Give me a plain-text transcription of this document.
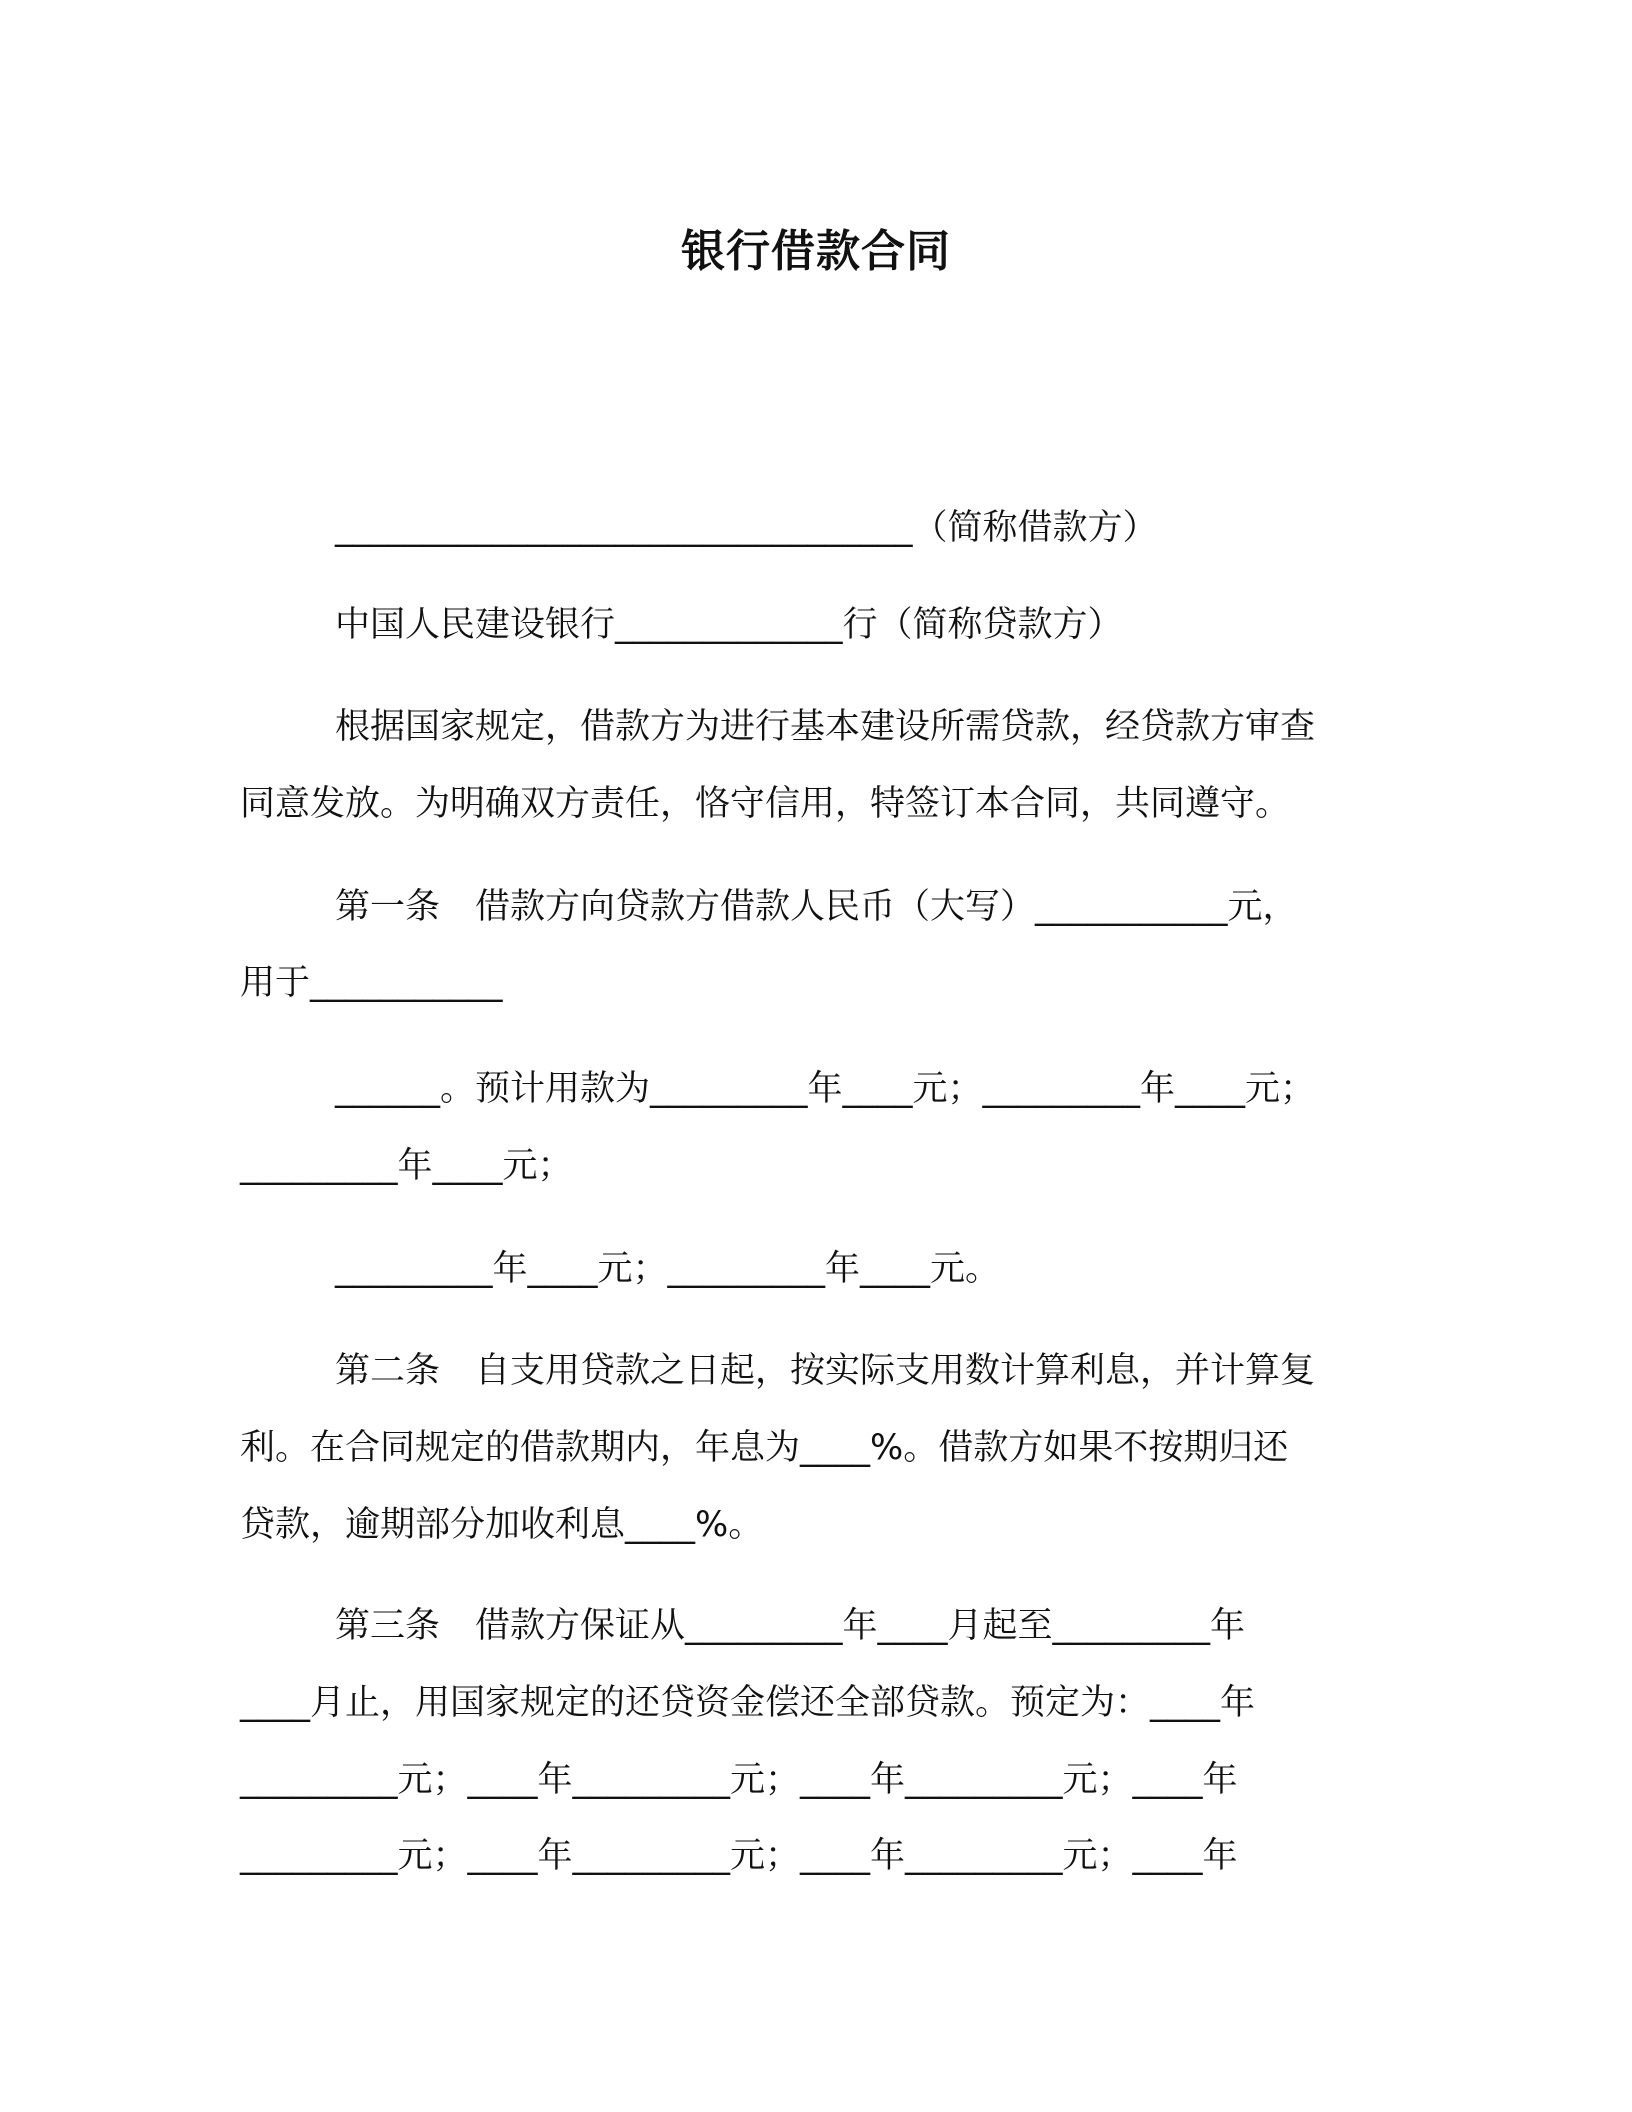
银行借款合同

_________________________________（简称借款方）

中国人民建设银行_____________行（简称贷款方）

根据国家规定，借款方为进行基本建设所需贷款，经贷款方审查

同意发放。为明确双方责任，恪守信用，特签订本合同，共同遵守。

第一条　借款方向贷款方借款人民币（大写）___________元，

用于___________

______。预计用款为_________年____元；_________年____元；

_________年____元；

_________年____元；_________年____元。

第二条　自支用贷款之日起，按实际支用数计算利息，并计算复

利。在合同规定的借款期内，年息为____%。借款方如果不按期归还

贷款，逾期部分加收利息____%。

第三条　借款方保证从_________年____月起至_________年

____月止，用国家规定的还贷资金偿还全部贷款。预定为：____年

_________元；____年_________元；____年_________元；____年

_________元；____年_________元；____年_________元；____年
